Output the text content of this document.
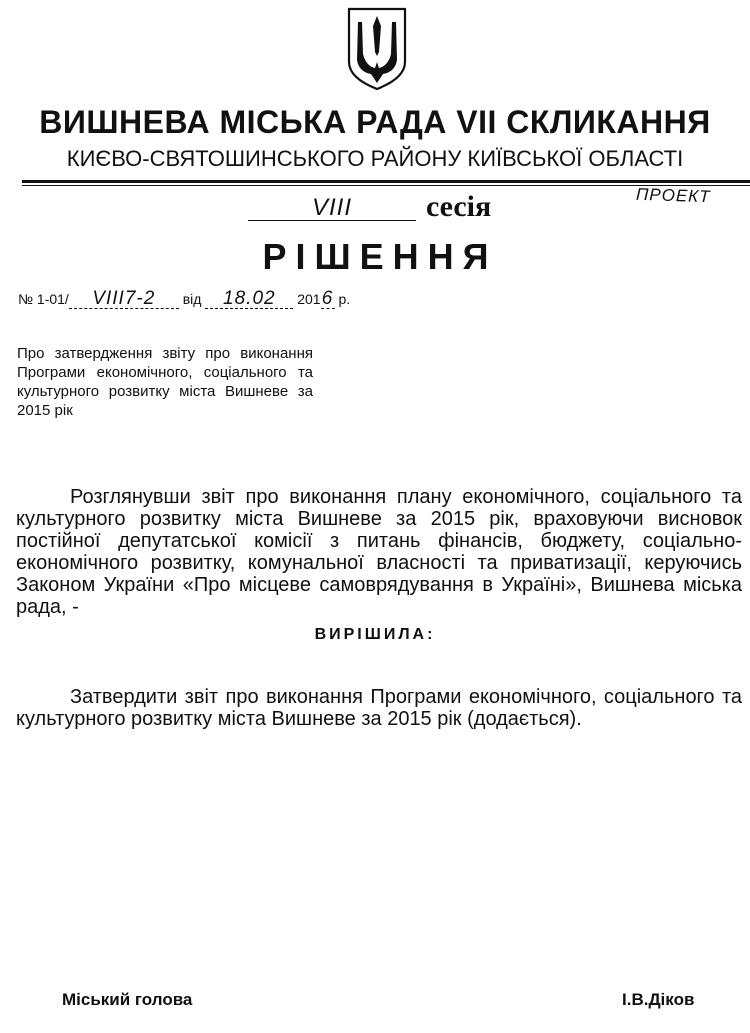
ВИШНЕВА МІСЬКА РАДА VII СКЛИКАННЯ
КИЄВО-СВЯТОШИНСЬКОГО РАЙОНУ КИЇВСЬКОЇ ОБЛАСТІ
VIII	сесія	ПРОЕКТ
РІШЕННЯ
№ 1-01/ VIII7-2 від 18.02 2016 р.
Про затвердження звіту про виконання Програми економічного, соціального та культурного розвитку міста Вишневе за 2015 рік
Розглянувши звіт про виконання плану економічного, соціального та культурного розвитку міста Вишневе за 2015 рік, враховуючи висновок постійної депутатської комісії з питань фінансів, бюджету, соціально-економічного розвитку, комунальної власності та приватизації, керуючись Законом України «Про місцеве самоврядування в Україні», Вишнева міська рада, -
ВИРІШИЛА:
Затвердити звіт про виконання Програми економічного, соціального та культурного розвитку міста Вишневе за 2015 рік (додається).
Міський голова	І.В.Діков
